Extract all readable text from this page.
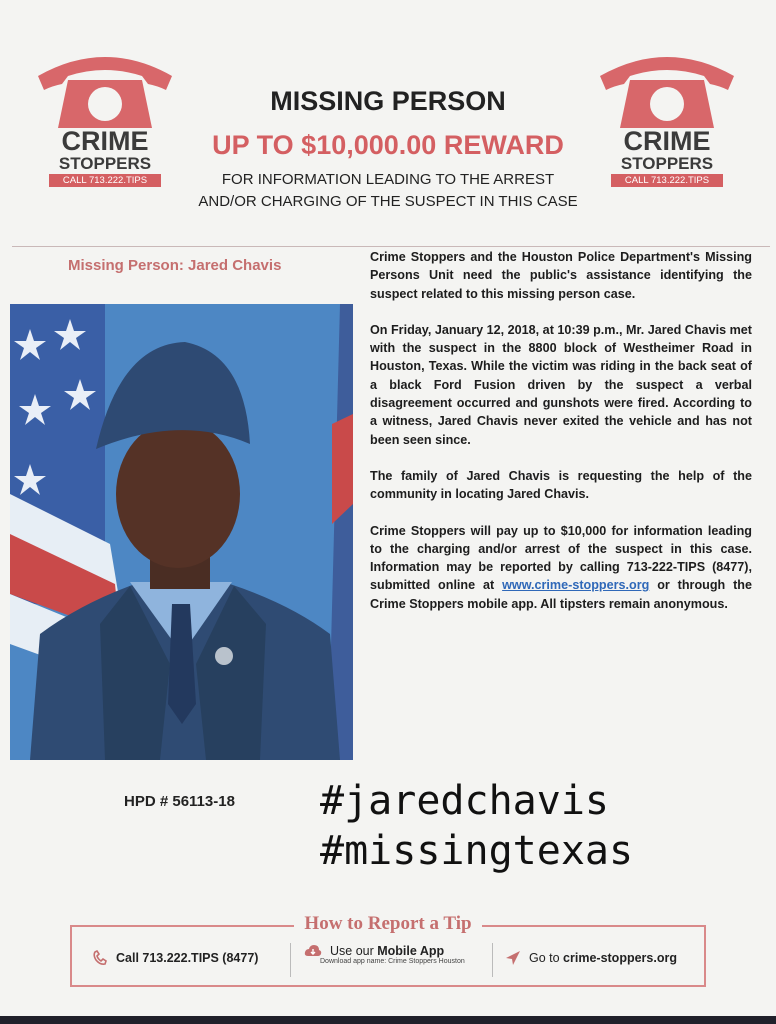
CRIME
STOPPERS
CALL 713.222.TIPS
CRIME
STOPPERS
CALL 713.222.TIPS
MISSING PERSON
UP TO $10,000.00 REWARD
FOR INFORMATION LEADING TO THE ARREST
AND/OR CHARGING OF THE SUSPECT IN THIS CASE
Missing Person: Jared Chavis	Crime Stoppers and the Houston Police Department's Missing Persons Unit need the public's assistance identifying the suspect related to this missing person case.

On Friday, January 12, 2018, at 10:39 p.m., Mr. Jared Chavis met with the suspect in the 8800 block of Westheimer Road in Houston, Texas. While the victim was riding in the back seat of a black Ford Fusion driven by the suspect a verbal disagreement occurred and gunshots were fired. According to a witness, Jared Chavis never exited the vehicle and has not been seen since.

The family of Jared Chavis is requesting the help of the community in locating Jared Chavis.

Crime Stoppers will pay up to $10,000 for information leading to the charging and/or arrest of the suspect in this case. Information may be reported by calling 713-222-TIPS (8477), submitted online at www.crime-stoppers.org or through the Crime Stoppers mobile app. All tipsters remain anonymous.

HPD # 56113-18 #jaredchavis
#missingtexas
How to Report a Tip
Call 713.222.TIPS (8477)	Use our Mobile App
Download app name: Crime Stoppers Houston	Go to crime-stoppers.org
